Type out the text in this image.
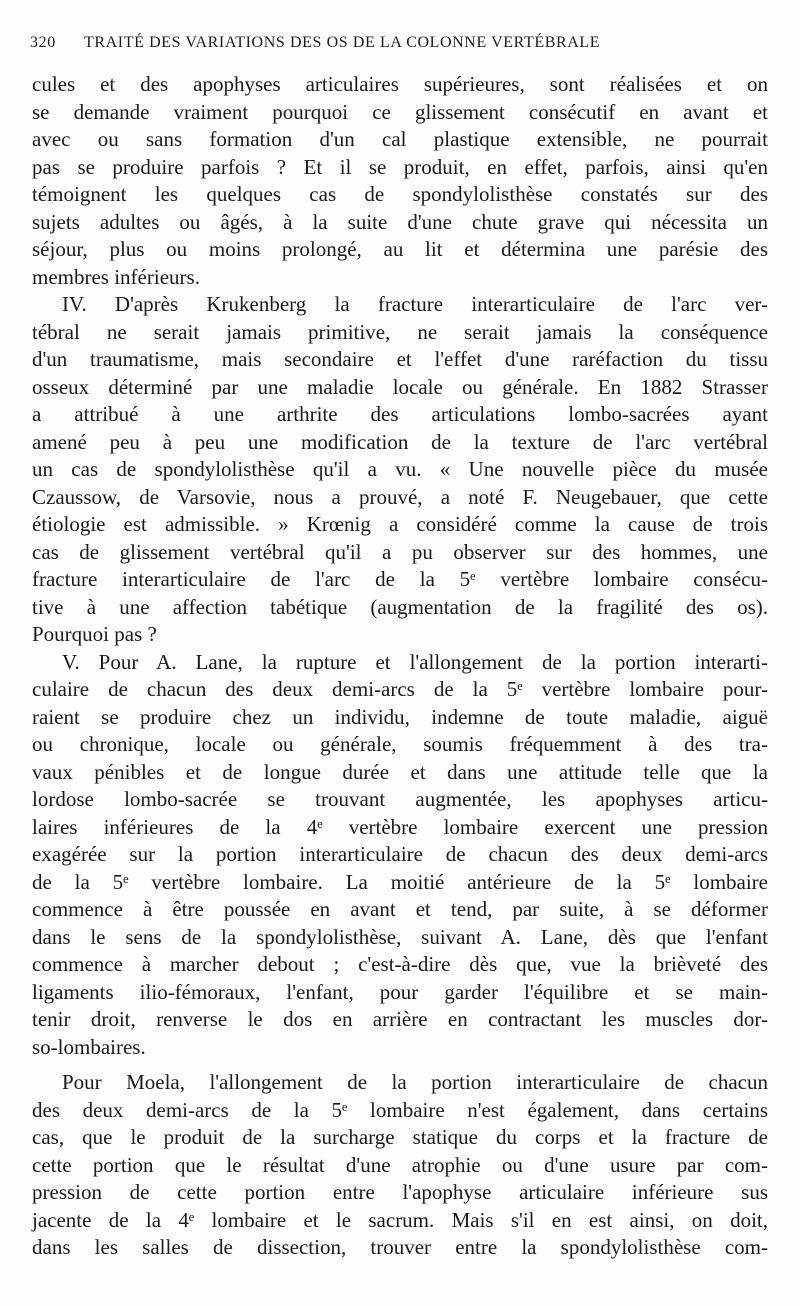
320	TRAITÉ DES VARIATIONS DES OS DE LA COLONNE VERTÉBRALE
cules et des apophyses articulaires supérieures, sont réalisées et on
se demande vraiment pourquoi ce glissement consécutif en avant et
avec ou sans formation d'un cal plastique extensible, ne pourrait
pas se produire parfois ? Et il se produit, en effet, parfois, ainsi qu'en
témoignent les quelques cas de spondylolisthèse constatés sur des
sujets adultes ou âgés, à la suite d'une chute grave qui nécessita un
séjour, plus ou moins prolongé, au lit et détermina une parésie des
membres inférieurs.
IV. D'après Krukenberg la fracture interarticulaire de l'arc ver-
tébral ne serait jamais primitive, ne serait jamais la conséquence
d'un traumatisme, mais secondaire et l'effet d'une raréfaction du tissu
osseux déterminé par une maladie locale ou générale. En 1882 Strasser
a attribué à une arthrite des articulations lombo-sacrées ayant
amené peu à peu une modification de la texture de l'arc vertébral
un cas de spondylolisthèse qu'il a vu. « Une nouvelle pièce du musée
Czaussow, de Varsovie, nous a prouvé, a noté F. Neugebauer, que cette
étiologie est admissible. » Krœnig a considéré comme la cause de trois
cas de glissement vertébral qu'il a pu observer sur des hommes, une
fracture interarticulaire de l'arc de la 5ᵉ vertèbre lombaire consécu-
tive à une affection tabétique (augmentation de la fragilité des os).
Pourquoi pas ?
V. Pour A. Lane, la rupture et l'allongement de la portion interarti-
culaire de chacun des deux demi-arcs de la 5ᵉ vertèbre lombaire pour-
raient se produire chez un individu, indemne de toute maladie, aiguë
ou chronique, locale ou générale, soumis fréquemment à des tra-
vaux pénibles et de longue durée et dans une attitude telle que la
lordose lombo-sacrée se trouvant augmentée, les apophyses articu-
laires inférieures de la 4ᵉ vertèbre lombaire exercent une pression
exagérée sur la portion interarticulaire de chacun des deux demi-arcs
de la 5ᵉ vertèbre lombaire. La moitié antérieure de la 5ᵉ lombaire
commence à être poussée en avant et tend, par suite, à se déformer
dans le sens de la spondylolisthèse, suivant A. Lane, dès que l'enfant
commence à marcher debout ; c'est-à-dire dès que, vue la brièveté des
ligaments ilio-fémoraux, l'enfant, pour garder l'équilibre et se main-
tenir droit, renverse le dos en arrière en contractant les muscles dor-
so-lombaires.
Pour Moela, l'allongement de la portion interarticulaire de chacun
des deux demi-arcs de la 5ᵉ lombaire n'est également, dans certains
cas, que le produit de la surcharge statique du corps et la fracture de
cette portion que le résultat d'une atrophie ou d'une usure par com-
pression de cette portion entre l'apophyse articulaire inférieure sus
jacente de la 4ᵉ lombaire et le sacrum. Mais s'il en est ainsi, on doit,
dans les salles de dissection, trouver entre la spondylolisthèse com-
